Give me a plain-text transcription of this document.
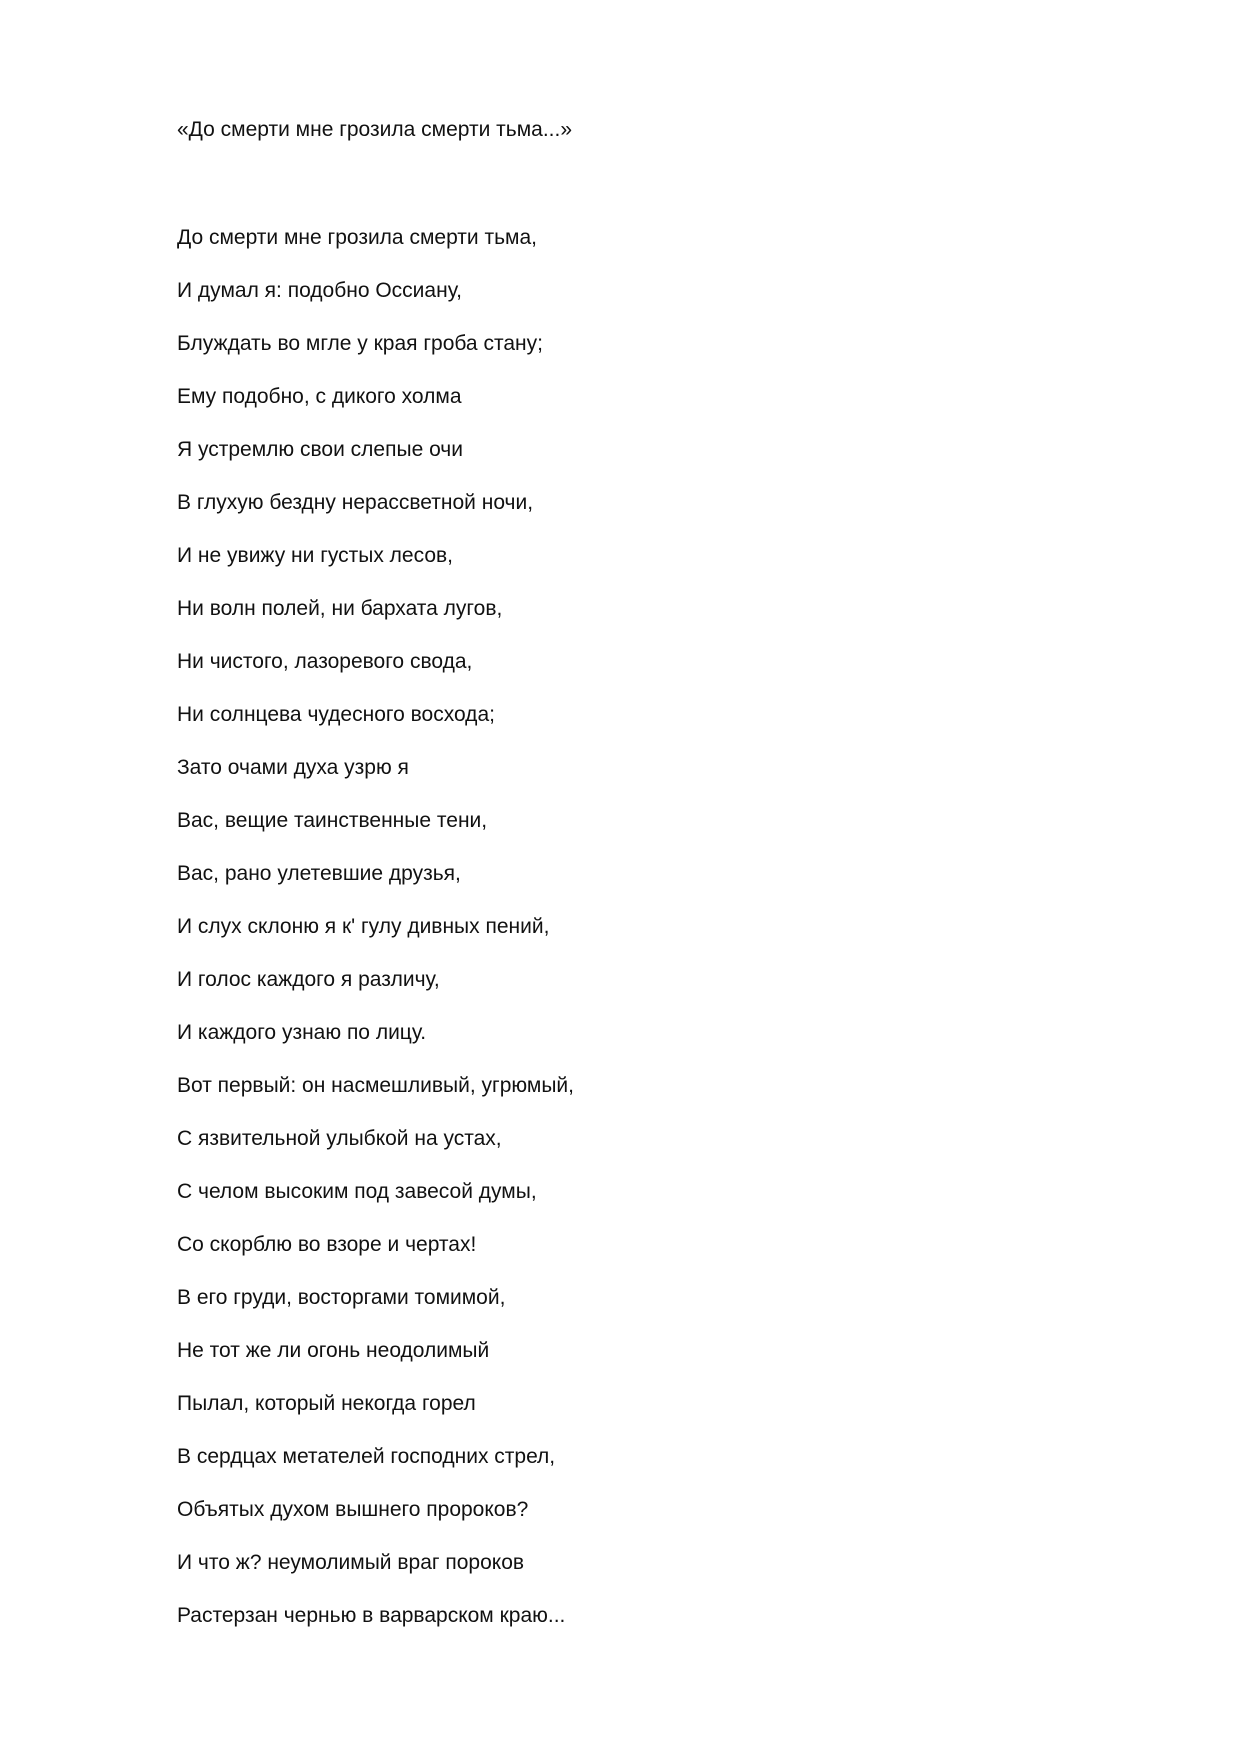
«До смерти мне грозила смерти тьма...»
До смерти мне грозила смерти тьма,
И думал я: подобно Оссиану,
Блуждать во мгле у края гроба стану;
Ему подобно, с дикого холма
Я устремлю свои слепые очи
В глухую бездну нерассветной ночи,
И не увижу ни густых лесов,
Ни волн полей, ни бархата лугов,
Ни чистого, лазоревого свода,
Ни солнцева чудесного восхода;
Зато очами духа узрю я
Вас, вещие таинственные тени,
Вас, рано улетевшие друзья,
И слух склоню я к' гулу дивных пений,
И голос каждого я различу,
И каждого узнаю по лицу.
Вот первый: он насмешливый, угрюмый,
С язвительной улыбкой на устах,
С челом высоким под завесой думы,
Со скорблю во взоре и чертах!
В его груди, восторгами томимой,
Не тот же ли огонь неодолимый
Пылал, который некогда горел
В сердцах метателей господних стрел,
Объятых духом вышнего пророков?
И что ж? неумолимый враг пороков
Растерзан чернью в варварском краю...
